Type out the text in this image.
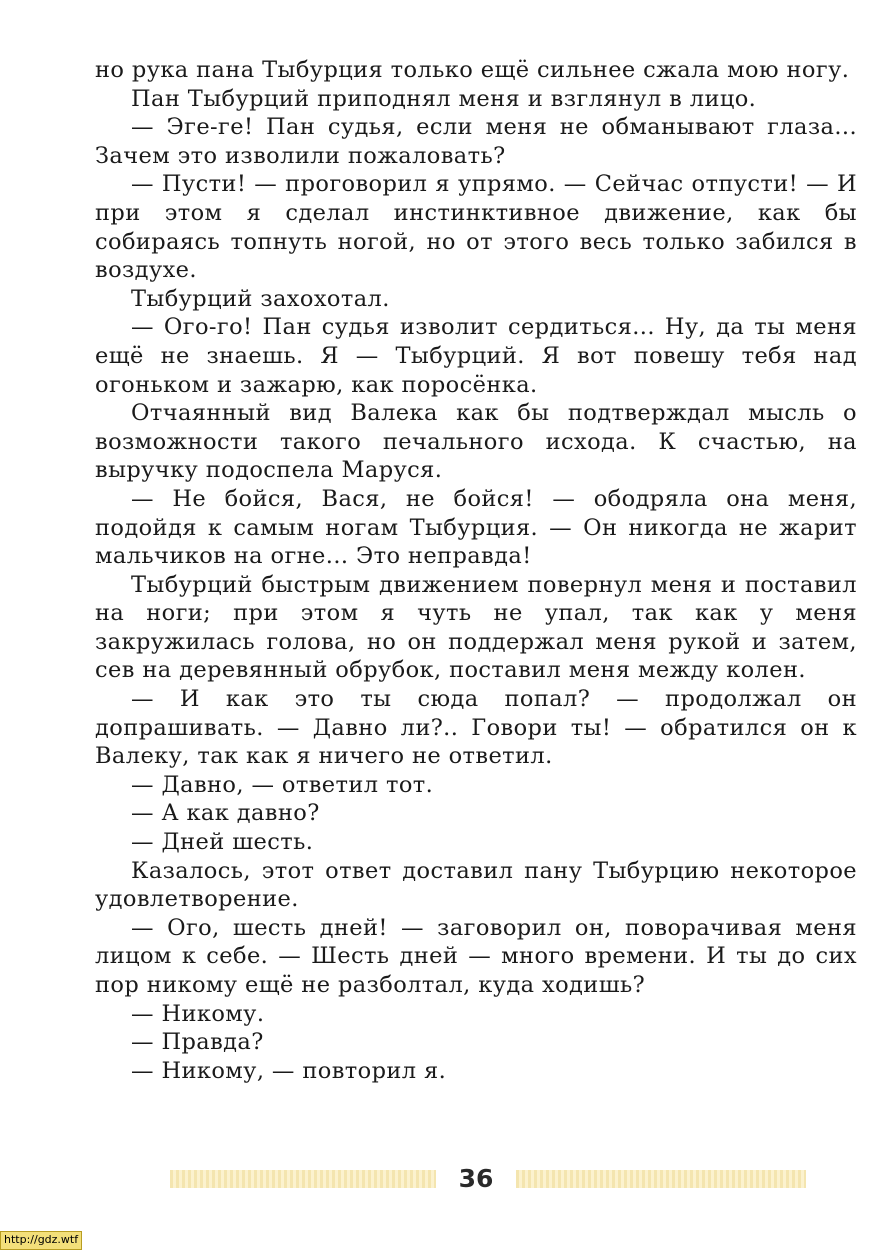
но рука пана Тыбурция только ещё сильнее сжала мою ногу.

Пан Тыбурций приподнял меня и взглянул в лицо.

— Эге-ге! Пан судья, если меня не обманывают глаза... Зачем это изволили пожаловать?

— Пусти! — проговорил я упрямо. — Сейчас отпусти! — И при этом я сделал инстинктивное движение, как бы собираясь топнуть ногой, но от этого весь только забился в воздухе.

Тыбурций захохотал.

— Ого-го! Пан судья изволит сердиться... Ну, да ты меня ещё не знаешь. Я — Тыбурций. Я вот повешу тебя над огоньком и зажарю, как поросёнка.

Отчаянный вид Валека как бы подтверждал мысль о возможности такого печального исхода. К счастью, на выручку подоспела Маруся.

— Не бойся, Вася, не бойся! — ободряла она меня, подойдя к самым ногам Тыбурция. — Он никогда не жарит мальчиков на огне... Это неправда!

Тыбурций быстрым движением повернул меня и поставил на ноги; при этом я чуть не упал, так как у меня закружилась голова, но он поддержал меня рукой и затем, сев на деревянный обрубок, поставил меня между колен.

— И как это ты сюда попал? — продолжал он допрашивать. — Давно ли?.. Говори ты! — обратился он к Валеку, так как я ничего не ответил.

— Давно, — ответил тот.

— А как давно?

— Дней шесть.

Казалось, этот ответ доставил пану Тыбурцию некоторое удовлетворение.

— Ого, шесть дней! — заговорил он, поворачивая меня лицом к себе. — Шесть дней — много времени. И ты до сих пор никому ещё не разболтал, куда ходишь?

— Никому.

— Правда?

— Никому, — повторил я.

36
http://gdz.wtf
